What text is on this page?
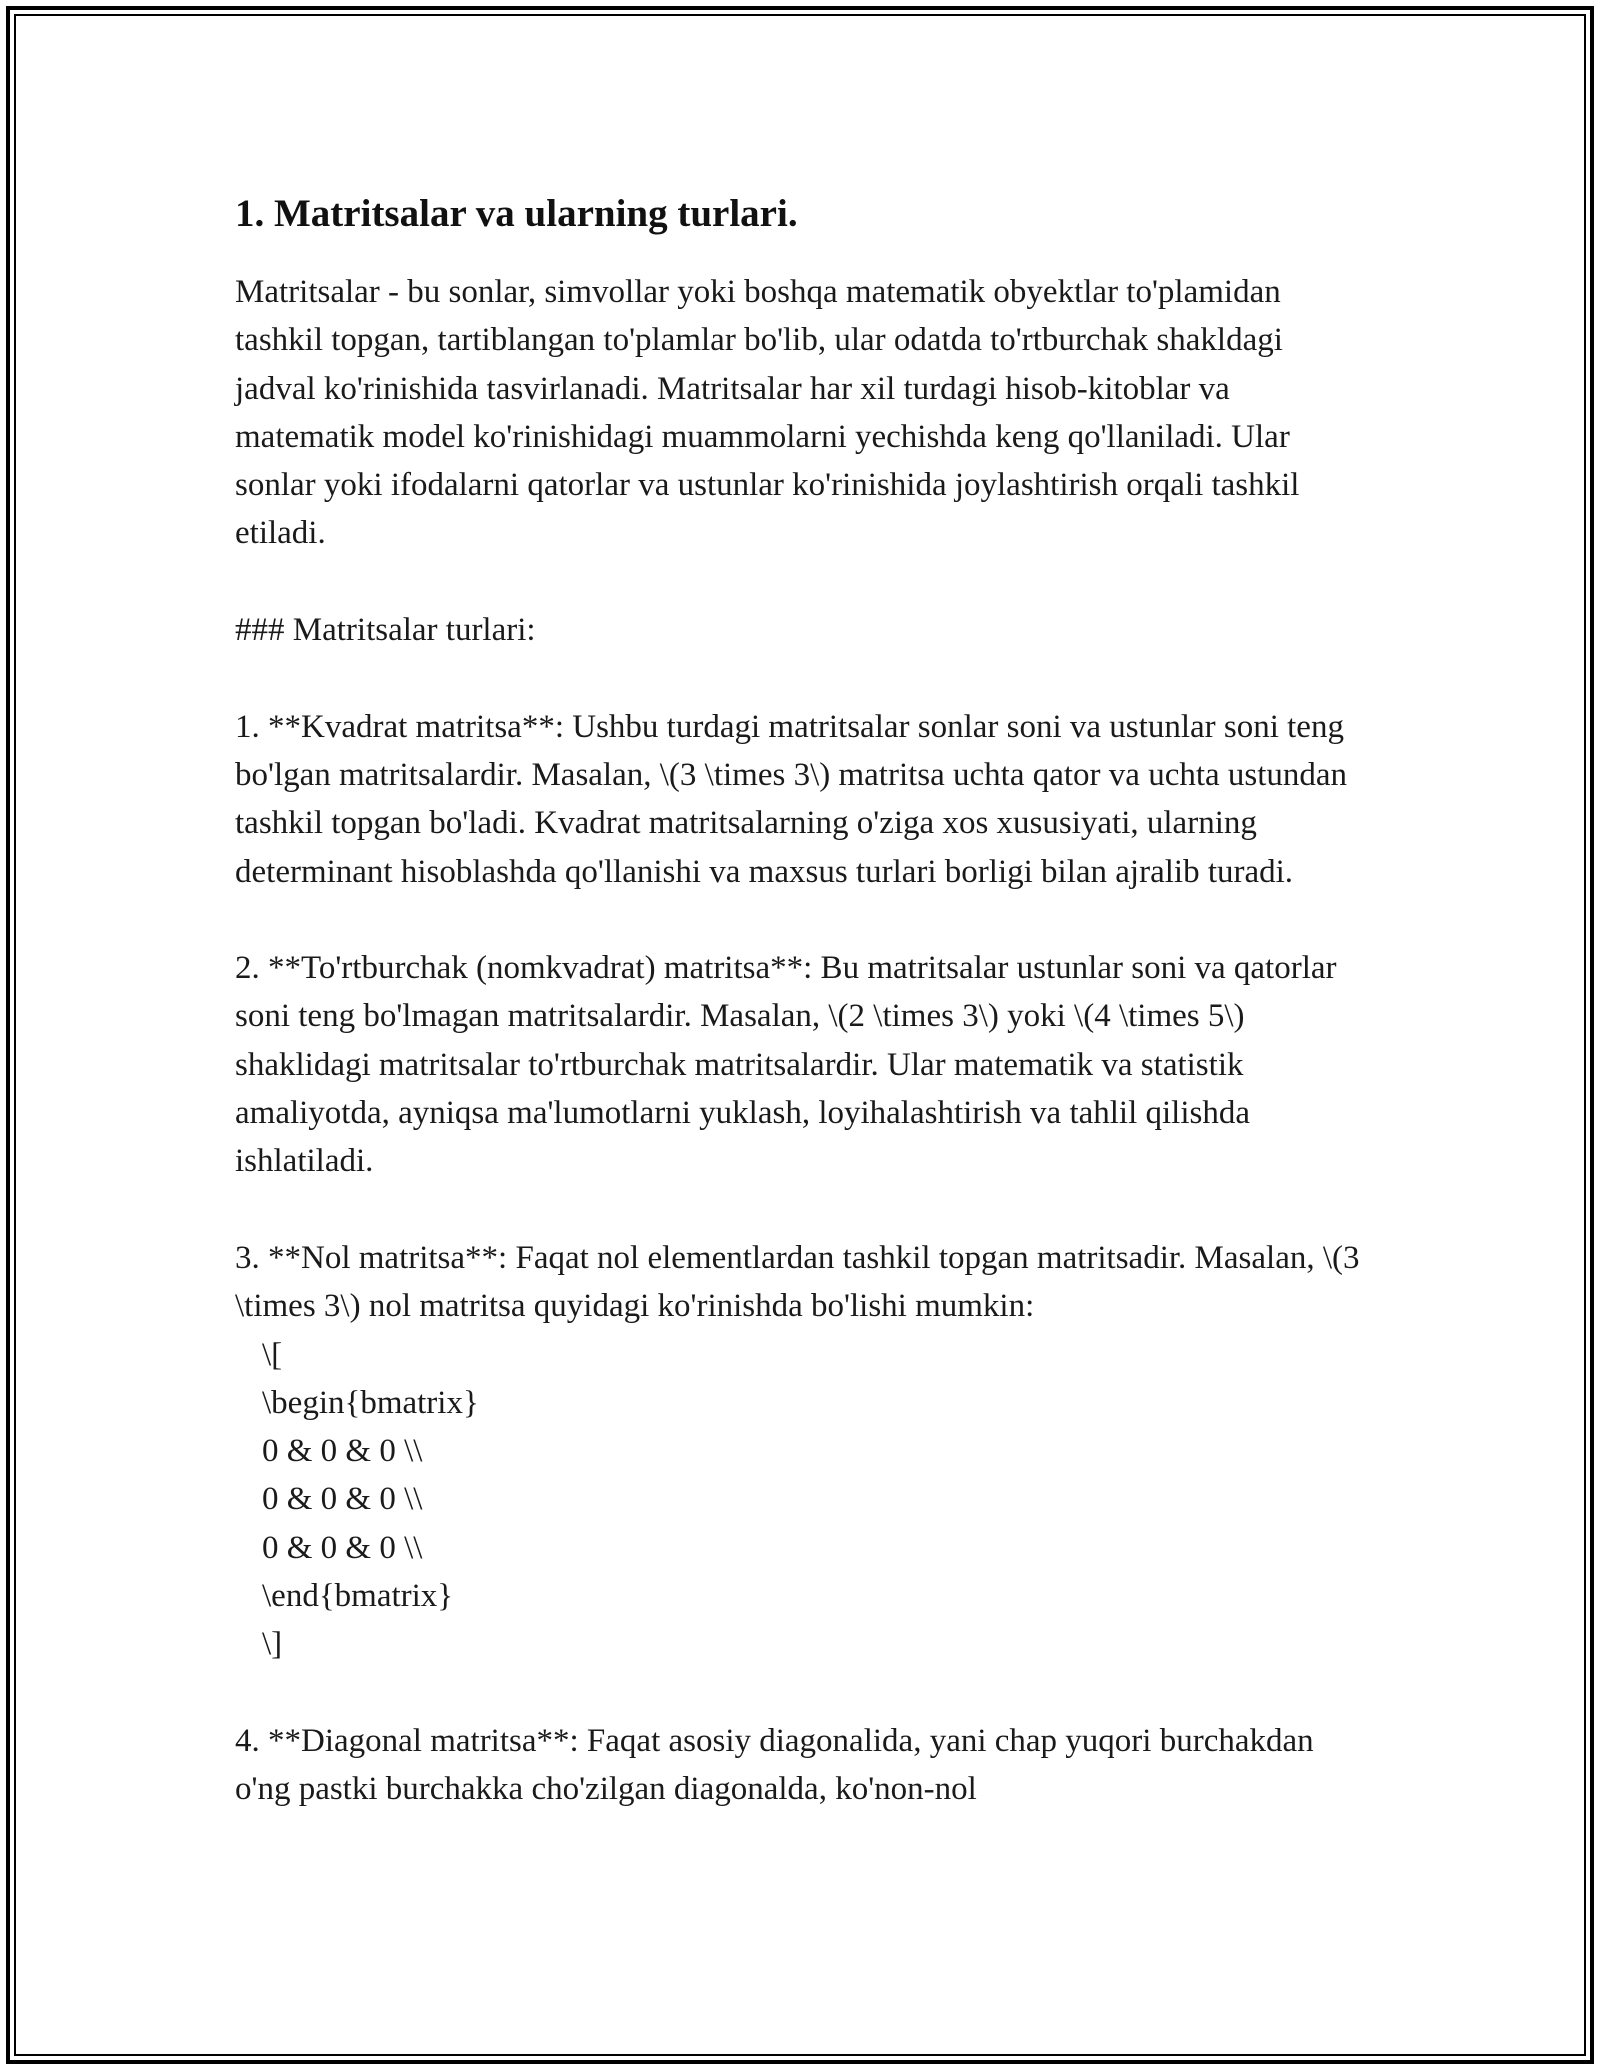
1. Matritsalar va ularning turlari.

Matritsalar - bu sonlar, simvollar yoki boshqa matematik obyektlar to'plamidan tashkil topgan, tartiblangan to'plamlar bo'lib, ular odatda to'rtburchak shakldagi jadval ko'rinishida tasvirlanadi. Matritsalar har xil turdagi hisob-kitoblar va matematik model ko'rinishidagi muammolarni yechishda keng qo'llaniladi. Ular sonlar yoki ifodalarni qatorlar va ustunlar ko'rinishida joylashtirish orqali tashkil etiladi.

### Matritsalar turlari:

1. **Kvadrat matritsa**: Ushbu turdagi matritsalar sonlar soni va ustunlar soni teng bo'lgan matritsalardir. Masalan, \(3 \times 3\) matritsa uchta qator va uchta ustundan tashkil topgan bo'ladi. Kvadrat matritsalarning o'ziga xos xususiyati, ularning determinant hisoblashda qo'llanishi va maxsus turlari borligi bilan ajralib turadi.

2. **To'rtburchak (nomkvadrat) matritsa**: Bu matritsalar ustunlar soni va qatorlar soni teng bo'lmagan matritsalardir. Masalan, \(2 \times 3\) yoki \(4 \times 5\) shaklidagi matritsalar to'rtburchak matritsalardir. Ular matematik va statistik amaliyotda, ayniqsa ma'lumotlarni yuklash, loyihalashtirish va tahlil qilishda ishlatiladi.

3. **Nol matritsa**: Faqat nol elementlardan tashkil topgan matritsadir. Masalan, \(3 \times 3\) nol matritsa quyidagi ko'rinishda bo'lishi mumkin:

\[
\begin{bmatrix}
0 & 0 & 0 \\
0 & 0 & 0 \\
0 & 0 & 0 \\
\end{bmatrix}
\]

4. **Diagonal matritsa**: Faqat asosiy diagonalida, yani chap yuqori burchakdan o'ng pastki burchakka cho'zilgan diagonalda, ko'non-nol
